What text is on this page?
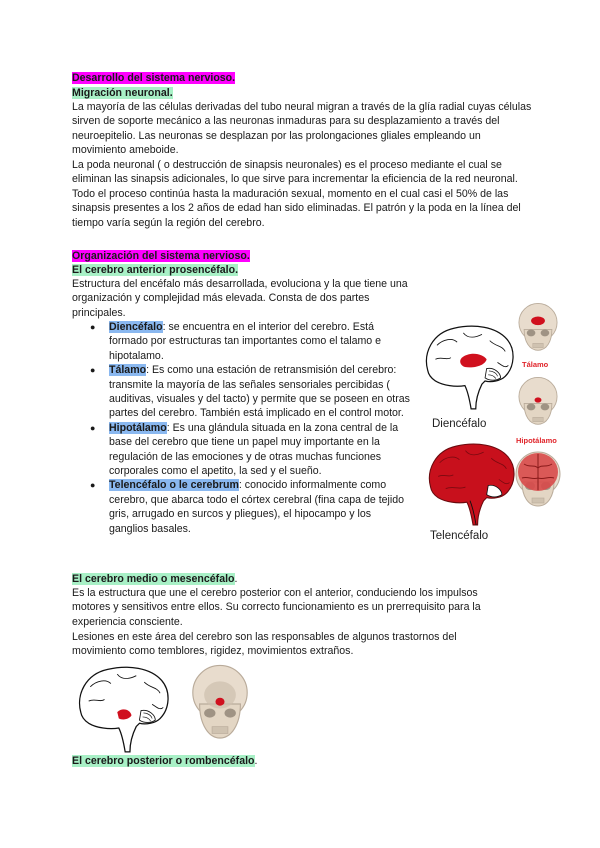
Desarrollo del sistema nervioso.
Migración neuronal.

La mayoría de las células derivadas del tubo neural migran a través de la glía radial cuyas células sirven de soporte mecánico a las neuronas inmaduras para su desplazamiento a través del neuroepitelio. Las neuronas se desplazan por las prolongaciones gliales empleando un movimiento ameboide.

La poda neuronal ( o destrucción de sinapsis neuronales) es el proceso mediante el cual se eliminan las sinapsis adicionales, lo que sirve para incrementar la eficiencia de la red neuronal. Todo el proceso continúa hasta la maduración sexual, momento en el cual casi el 50% de las sinapsis presentes a los 2 años de edad han sido eliminadas. El patrón y la poda en la línea del tiempo varía según la región del cerebro.

Organización del sistema nervioso.
El cerebro anterior prosencéfalo.

Estructura del encéfalo más desarrollada, evoluciona y la que tiene una organización y complejidad más elevada. Consta de dos partes principales.

● Diencéfalo: se encuentra en el interior del cerebro. Está formado por estructuras tan importantes como el talamo e hipotalamo.
● Tálamo: Es como una estación de retransmisión del cerebro: transmite la mayoría de las señales sensoriales percibidas ( auditivas, visuales y del tacto) y permite que se poseen en otras partes del cerebro. También está implicado en el control motor.
● Hipotálamo: Es una glándula situada en la zona central de la base del cerebro que tiene un papel muy importante en la regulación de las emociones y de otras muchas funciones corporales como el apetito, la sed y el sueño.
● Telencéfalo o le cerebrum: conocido informalmente como cerebro, que abarca todo el córtex cerebral (fina capa de tejido gris, arrugado en surcos y pliegues), el hipocampo y los ganglios basales.
Diencéfalo
Telencéfalo
Tálamo
Hipotálamo
El cerebro medio o mesencéfalo.

Es la estructura que une el cerebro posterior con el anterior, conduciendo los impulsos motores y sensitivos entre ellos. Su correcto funcionamiento es un prerrequisito para la experiencia consciente.

Lesiones en este área del cerebro son las responsables de algunos trastornos del movimiento como temblores, rigidez, movimientos extraños.

El cerebro posterior o rombencéfalo.
